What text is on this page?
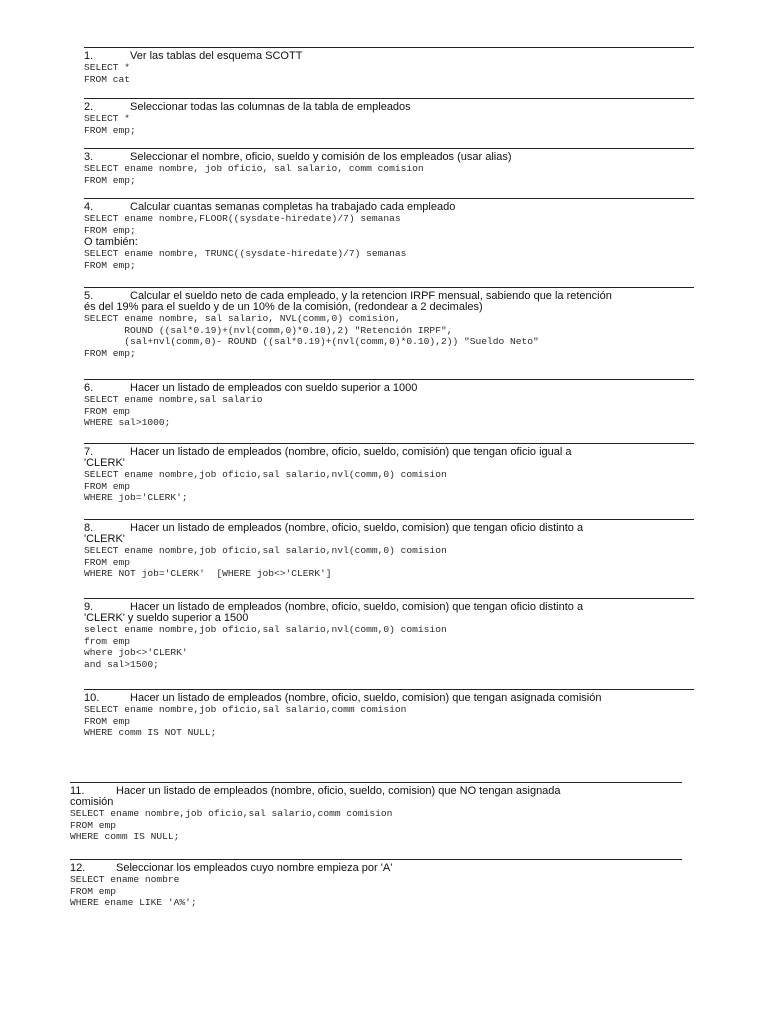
1.	Ver las tablas del esquema SCOTT
SELECT *
FROM cat
2.	Seleccionar todas las columnas de la tabla de empleados
SELECT *
FROM emp;
3.	Seleccionar el nombre, oficio, sueldo y comisión de los empleados (usar alias)
SELECT ename nombre, job oficio, sal salario, comm comision
FROM emp;
4.	Calcular cuantas semanas completas ha trabajado cada empleado
SELECT ename nombre,FLOOR((sysdate-hiredate)/7) semanas
FROM emp;
O también:
SELECT ename nombre, TRUNC((sysdate-hiredate)/7) semanas
FROM emp;
5.	Calcular el sueldo neto de cada empleado, y la retencion IRPF mensual, sabiendo que la retención
és del 19% para el sueldo y de un 10% de la comisión, (redondear a 2 decimales)
SELECT ename nombre, sal salario, NVL(comm,0) comision,
ROUND ((sal*0.19)+(nvl(comm,0)*0.10),2) "Retención IRPF",
(sal+nvl(comm,0)- ROUND ((sal*0.19)+(nvl(comm,0)*0.10),2)) "Sueldo Neto"
FROM emp;
6.	Hacer un listado de empleados con sueldo superior a 1000
SELECT ename nombre,sal salario
FROM emp
WHERE sal>1000;
7.	Hacer un listado de empleados (nombre, oficio, sueldo, comisión) que tengan oficio igual a
'CLERK'
SELECT ename nombre,job oficio,sal salario,nvl(comm,0) comision
FROM emp
WHERE job='CLERK';
8.	Hacer un listado de empleados (nombre, oficio, sueldo, comision) que tengan oficio distinto a
'CLERK'
SELECT ename nombre,job oficio,sal salario,nvl(comm,0) comision
FROM emp
WHERE NOT job='CLERK'  [WHERE job<>'CLERK']
9.	Hacer un listado de empleados (nombre, oficio, sueldo, comision) que tengan oficio distinto a
'CLERK' y sueldo superior a 1500
select ename nombre,job oficio,sal salario,nvl(comm,0) comision
from emp
where job<>'CLERK'
and sal>1500;
10.	Hacer un listado de empleados (nombre, oficio, sueldo, comision) que tengan asignada comisión
SELECT ename nombre,job oficio,sal salario,comm comision
FROM emp
WHERE comm IS NOT NULL;
11.	Hacer un listado de empleados (nombre, oficio, sueldo, comision) que NO tengan asignada
comisión
SELECT ename nombre,job oficio,sal salario,comm comision
FROM emp
WHERE comm IS NULL;
12.	Seleccionar los empleados cuyo nombre empieza por 'A'
SELECT ename nombre
FROM emp
WHERE ename LIKE 'A%';
